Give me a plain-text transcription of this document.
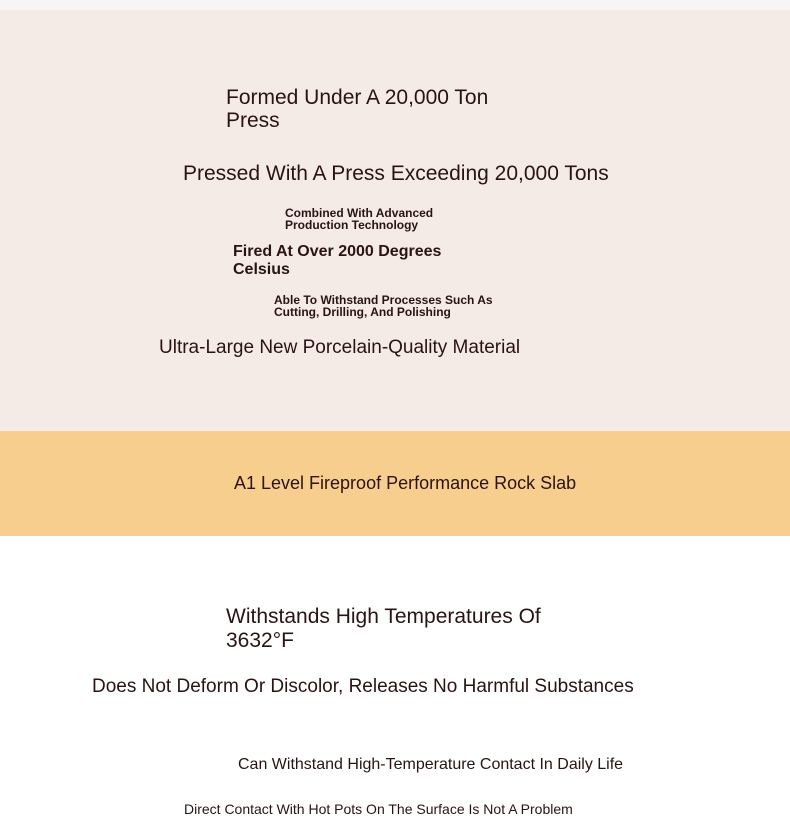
Formed Under A 20,000 Ton Press
Pressed With A Press Exceeding 20,000 Tons
Combined With Advanced Production Technology
Fired At Over 2000 Degrees Celsius
Able To Withstand Processes Such As Cutting, Drilling, And Polishing
Ultra-Large New Porcelain-Quality Material
A1 Level Fireproof Performance Rock Slab
Withstands High Temperatures Of 3632°F
Does Not Deform Or Discolor, Releases No Harmful Substances
Can Withstand High-Temperature Contact In Daily Life
Direct Contact With Hot Pots On The Surface Is Not A Problem
